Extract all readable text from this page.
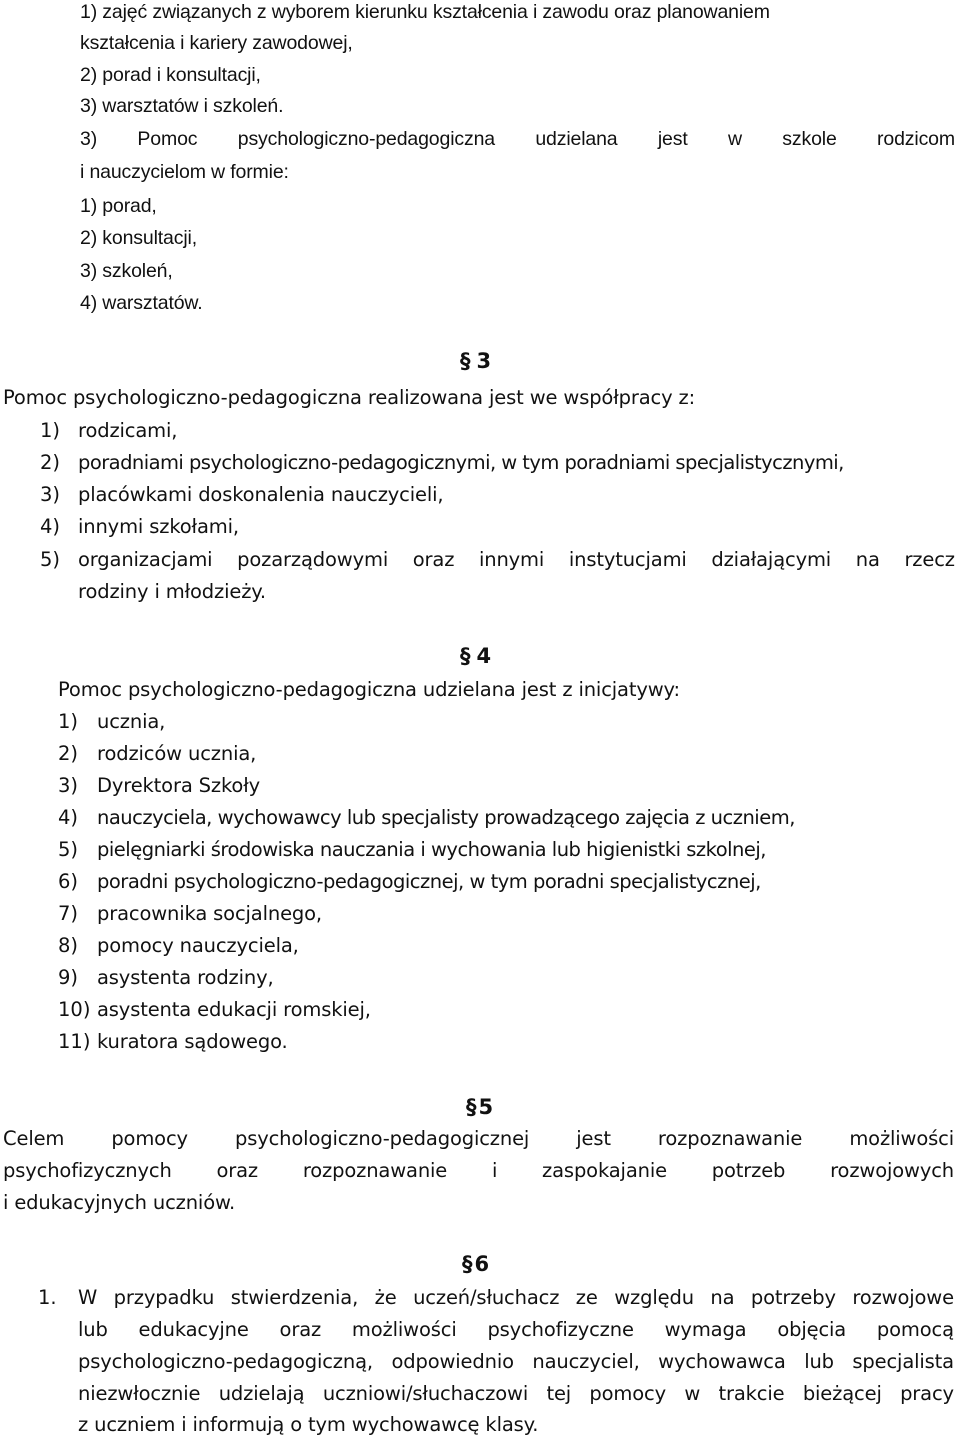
1) zajęć związanych z wyborem kierunku kształcenia i zawodu oraz planowaniem
kształcenia i kariery zawodowej,
2) porad i konsultacji,
3) warsztatów i szkoleń.
3) Pomoc psychologiczno-pedagogiczna udzielana jest w szkole rodzicom
i nauczycielom w formie:
1) porad,
2) konsultacji,
3) szkoleń,
4) warsztatów.
§ 3
Pomoc psychologiczno-pedagogiczna realizowana jest we współpracy z:
1) rodzicami,
2) poradniami psychologiczno-pedagogicznymi, w tym poradniami specjalistycznymi,
3) placówkami doskonalenia nauczycieli,
4) innymi szkołami,
5) organizacjami pozarządowymi oraz innymi instytucjami działającymi na rzecz
rodziny i młodzieży.
§ 4
Pomoc psychologiczno-pedagogiczna udzielana jest z inicjatywy:
1) ucznia,
2) rodziców ucznia,
3) Dyrektora Szkoły
4) nauczyciela, wychowawcy lub specjalisty prowadzącego zajęcia z uczniem,
5) pielęgniarki środowiska nauczania i wychowania lub higienistki szkolnej,
6) poradni psychologiczno-pedagogicznej, w tym poradni specjalistycznej,
7) pracownika socjalnego,
8) pomocy nauczyciela,
9) asystenta rodziny,
10) asystenta edukacji romskiej,
11) kuratora sądowego.
§5
Celem pomocy psychologiczno-pedagogicznej jest rozpoznawanie możliwości
psychofizycznych oraz rozpoznawanie i zaspokajanie potrzeb rozwojowych
i edukacyjnych uczniów.
§6
1. W przypadku stwierdzenia, że uczeń/słuchacz ze względu na potrzeby rozwojowe
lub edukacyjne oraz możliwości psychofizyczne wymaga objęcia pomocą
psychologiczno-pedagogiczną, odpowiednio nauczyciel, wychowawca lub specjalista
niezwłocznie udzielają uczniowi/słuchaczowi tej pomocy w trakcie bieżącej pracy
z uczniem i informują o tym wychowawcę klasy.
